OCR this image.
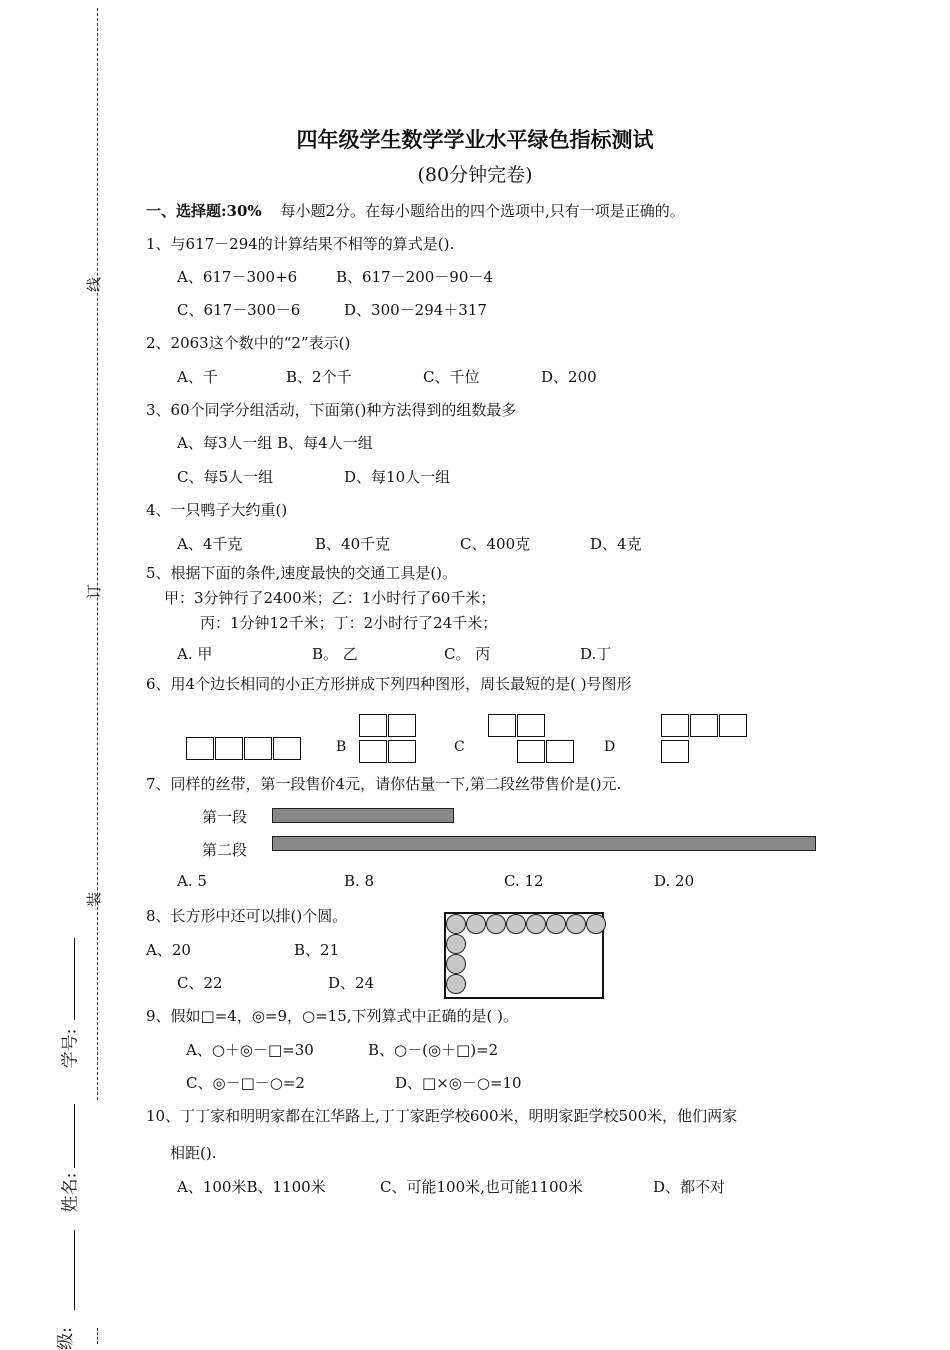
线
订
装
学号:
姓名:
级:
四年级学生数学学业水平绿色指标测试
(80分钟完卷)
一、选择题:30% 每小题2分。在每小题给出的四个选项中,只有一项是正确的。
1、与617－294的计算结果不相等的算式是().
A、617－300+6	B、617－200－90－4
C、617－300－6	D、300－294＋317
2、2063这个数中的“2”表示()
A、千	B、2个千	C、千位	D、200
3、60个同学分组活动，下面第()种方法得到的组数最多
A、每3人一组 B、每4人一组
C、每5人一组	D、每10人一组
4、一只鸭子大约重()
A、4千克	B、40千克	C、400克	D、4克
5、根据下面的条件,速度最快的交通工具是()。
甲：3分钟行了2400米；乙：1小时行了60千米；
丙：1分钟12千米；丁：2小时行了24千米；
A. 甲	B。 乙	C。 丙	D.丁
6、用4个边长相同的小正方形拼成下列四种图形，周长最短的是( )号图形
B	C	D
7、同样的丝带，第一段售价4元，请你估量一下,第二段丝带售价是()元.
第一段
第二段
A. 5	B. 8	C. 12	D. 20
8、长方形中还可以排()个圆。
A、20	B、21
C、22	D、24
9、假如□=4，◎=9，○=15,下列算式中正确的是( )。
A、○＋◎－□=30	B、○－(◎＋□)=2
C、◎－□－○=2	D、□×◎－○=10
10、丁丁家和明明家都在江华路上,丁丁家距学校600米，明明家距学校500米，他们两家
相距().
A、100米B、1100米	C、可能100米,也可能1100米	D、都不对
